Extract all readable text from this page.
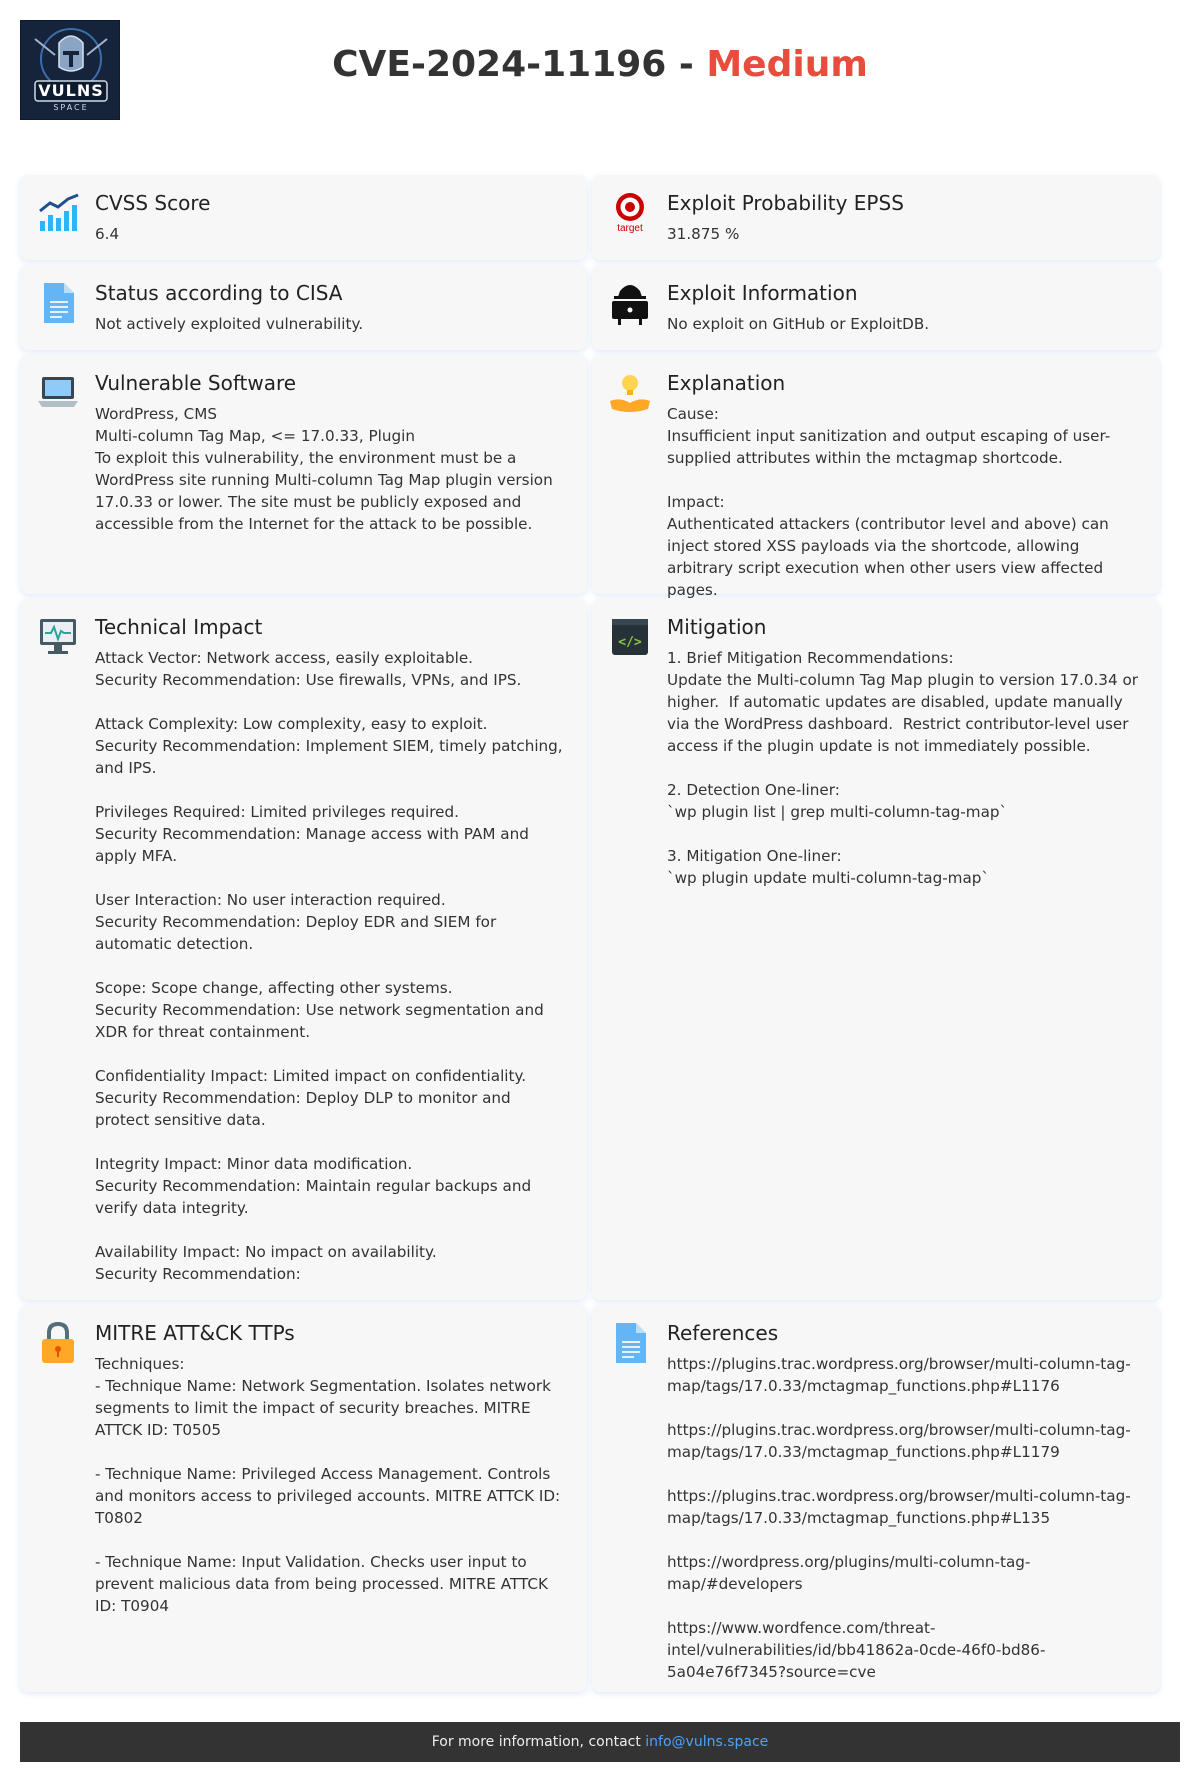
VULNS
SPACE
CVE-2024-11196 - Medium
CVSS Score
6.4	target
Exploit Probability EPSS
31.875 %
Status according to CISA
Not actively exploited vulnerability.
Exploit Information
No exploit on GitHub or ExploitDB.
Vulnerable Software
WordPress, CMS
Multi-column Tag Map, <= 17.0.33, Plugin
To exploit this vulnerability, the environment must be a WordPress site running Multi-column Tag Map plugin version 17.0.33 or lower. The site must be publicly exposed and accessible from the Internet for the attack to be possible.
Explanation
Cause:
Insufficient input sanitization and output escaping of user-supplied attributes within the mctagmap shortcode.

Impact:
Authenticated attackers (contributor level and above) can inject stored XSS payloads via the shortcode, allowing arbitrary script execution when other users view affected pages.
Technical Impact
Attack Vector: Network access, easily exploitable.
Security Recommendation: Use firewalls, VPNs, and IPS.

Attack Complexity: Low complexity, easy to exploit.
Security Recommendation: Implement SIEM, timely patching, and IPS.

Privileges Required: Limited privileges required.
Security Recommendation: Manage access with PAM and apply MFA.

User Interaction: No user interaction required.
Security Recommendation: Deploy EDR and SIEM for automatic detection.

Scope: Scope change, affecting other systems.
Security Recommendation: Use network segmentation and XDR for threat containment.

Confidentiality Impact: Limited impact on confidentiality.
Security Recommendation: Deploy DLP to monitor and protect sensitive data.

Integrity Impact: Minor data modification.
Security Recommendation: Maintain regular backups and verify data integrity.

Availability Impact: No impact on availability.
Security Recommendation:
</>
Mitigation
1. Brief Mitigation Recommendations:
Update the Multi-column Tag Map plugin to version 17.0.34 or higher.  If automatic updates are disabled, update manually via the WordPress dashboard.  Restrict contributor-level user access if the plugin update is not immediately possible.

2. Detection One-liner:
`wp plugin list | grep multi-column-tag-map`

3. Mitigation One-liner:
`wp plugin update multi-column-tag-map`
MITRE ATT&CK TTPs
Techniques:
- Technique Name: Network Segmentation. Isolates network segments to limit the impact of security breaches. MITRE ATTCK ID: T0505

- Technique Name: Privileged Access Management. Controls and monitors access to privileged accounts. MITRE ATTCK ID: T0802

- Technique Name: Input Validation. Checks user input to prevent malicious data from being processed. MITRE ATTCK ID: T0904
References
https://plugins.trac.wordpress.org/browser/multi-column-tag-map/tags/17.0.33/mctagmap_functions.php#L1176

https://plugins.trac.wordpress.org/browser/multi-column-tag-map/tags/17.0.33/mctagmap_functions.php#L1179

https://plugins.trac.wordpress.org/browser/multi-column-tag-map/tags/17.0.33/mctagmap_functions.php#L135

https://wordpress.org/plugins/multi-column-tag-map/#developers

https://www.wordfence.com/threat-intel/vulnerabilities/id/bb41862a-0cde-46f0-bd86-5a04e76f7345?source=cve
For more information, contact info@vulns.space
